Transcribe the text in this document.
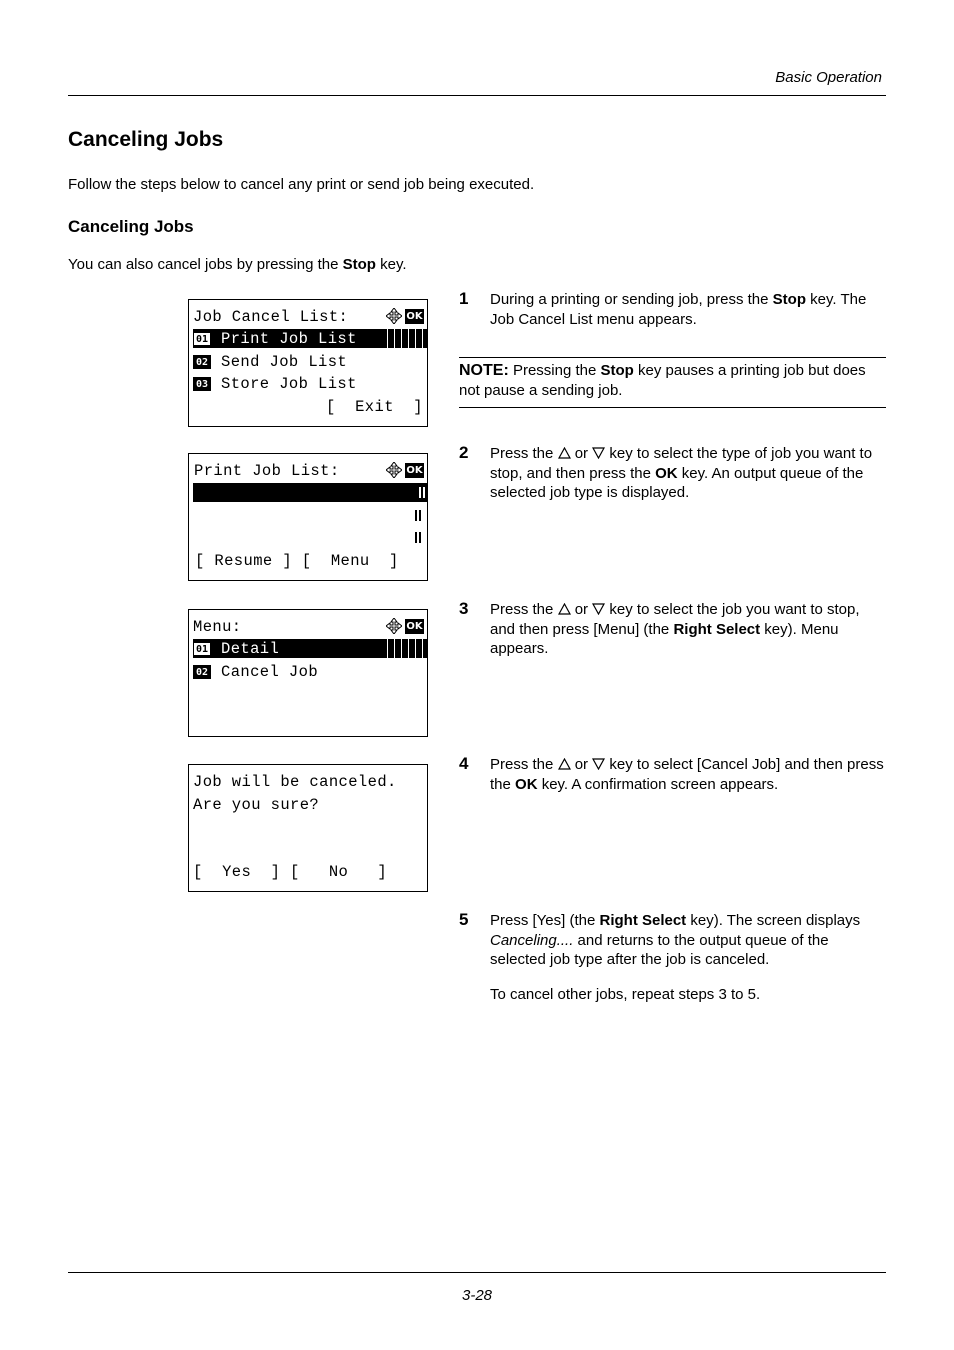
Basic Operation
Canceling Jobs
Follow the steps below to cancel any print or send job being executed.
Canceling Jobs
You can also cancel jobs by pressing the Stop key.
Job Cancel List:	OK
01 Print Job List
02 Send Job List
03 Store Job List
[  Exit  ]
Print Job List:	OK

[ Resume ] [  Menu  ]
Menu:	OK
01 Detail
02 Cancel Job
Job will be canceled.
Are you sure?

[  Yes  ] [   No   ]
1 During a printing or sending job, press the Stop key. The Job Cancel List menu appears.
NOTE: Pressing the Stop key pauses a printing job but does not pause a sending job.
2 Press the  or  key to select the type of job you want to stop, and then press the OK key. An output queue of the selected job type is displayed.
3 Press the  or  key to select the job you want to stop, and then press [Menu] (the Right Select key). Menu appears.
4 Press the  or  key to select [Cancel Job] and then press the OK key. A confirmation screen appears.
5 Press [Yes] (the Right Select key). The screen displays Canceling.... and returns to the output queue of the selected job type after the job is canceled.
To cancel other jobs, repeat steps 3 to 5.
3-28
